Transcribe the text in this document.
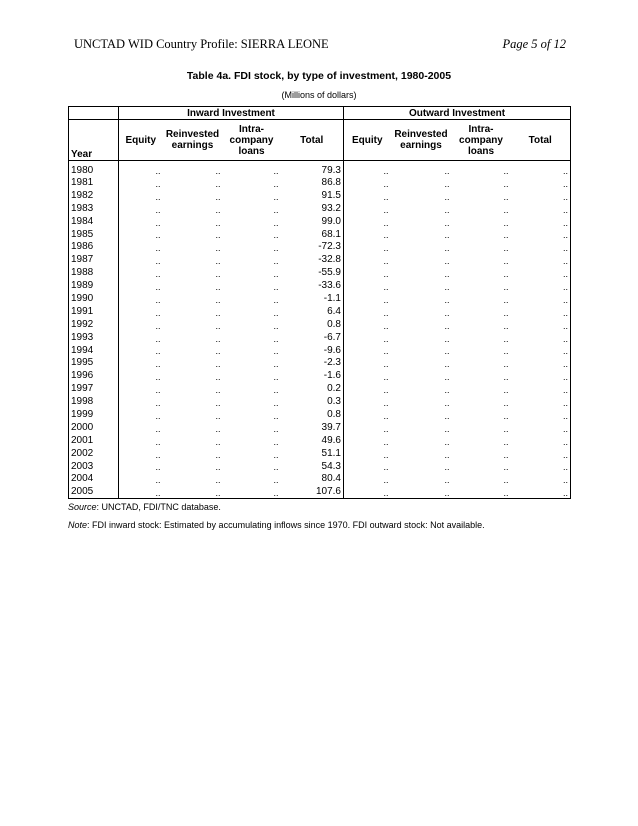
UNCTAD WID Country Profile: SIERRA LEONE	Page 5 of 12
Table 4a. FDI stock, by type of investment, 1980-2005
(Millions of dollars)
	Inward Investment				Outward Investment			
Year	Equity	Reinvested
earnings	Intra-
company
loans	Total	Equity	Reinvested
earnings	Intra-
company
loans	Total
1980	..	..	..	79.3	..	..	..	..
1981	..	..	..	86.8	..	..	..	..
1982	..	..	..	91.5	..	..	..	..
1983	..	..	..	93.2	..	..	..	..
1984	..	..	..	99.0	..	..	..	..
1985	..	..	..	68.1	..	..	..	..
1986	..	..	..	-72.3	..	..	..	..
1987	..	..	..	-32.8	..	..	..	..
1988	..	..	..	-55.9	..	..	..	..
1989	..	..	..	-33.6	..	..	..	..
1990	..	..	..	-1.1	..	..	..	..
1991	..	..	..	6.4	..	..	..	..
1992	..	..	..	0.8	..	..	..	..
1993	..	..	..	-6.7	..	..	..	..
1994	..	..	..	-9.6	..	..	..	..
1995	..	..	..	-2.3	..	..	..	..
1996	..	..	..	-1.6	..	..	..	..
1997	..	..	..	0.2	..	..	..	..
1998	..	..	..	0.3	..	..	..	..
1999	..	..	..	0.8	..	..	..	..
2000	..	..	..	39.7	..	..	..	..
2001	..	..	..	49.6	..	..	..	..
2002	..	..	..	51.1	..	..	..	..
2003	..	..	..	54.3	..	..	..	..
2004	..	..	..	80.4	..	..	..	..
2005	..	..	..	107.6	..	..	..	..
Source: UNCTAD, FDI/TNC database.
Note: FDI inward stock: Estimated by accumulating inflows since 1970. FDI outward stock: Not available.
